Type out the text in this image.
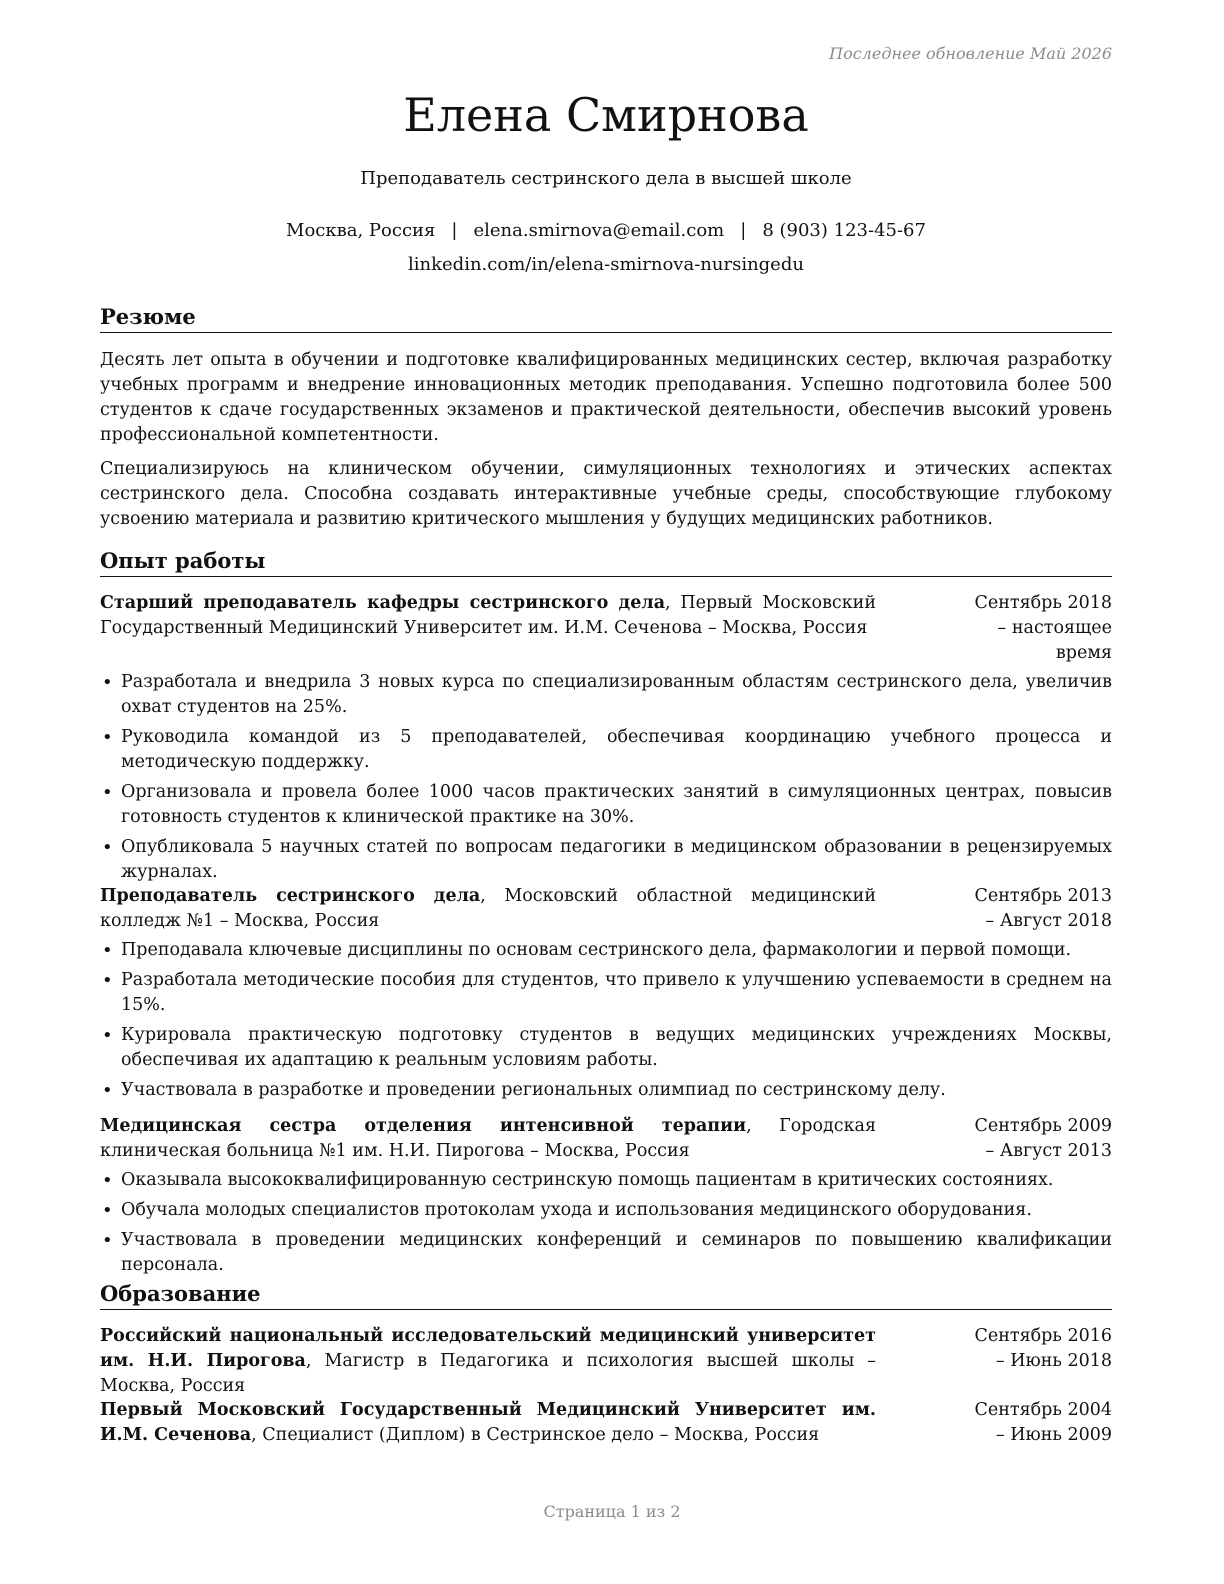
Последнее обновление Май 2026
Елена Смирнова
Преподаватель сестринского дела в высшей школе
Москва, Россия | elena.smirnova@email.com | 8 (903) 123-45-67
linkedin.com/in/elena-smirnova-nursingedu
Резюме
Десять лет опыта в обучении и подготовке квалифицированных медицинских сестер, включая разработку учебных программ и внедрение инновационных методик преподавания. Успешно подготовила более 500 студентов к сдаче государственных экзаменов и практической деятельности, обеспечив высокий уровень профессиональной компетентности.
Специализируюсь на клиническом обучении, симуляционных технологиях и этических аспектах сестринского дела. Способна создавать интерактивные учебные среды, способствующие глубокому усвоению материала и развитию критического мышления у будущих медицинских работников.
Опыт работы
Старший преподаватель кафедры сестринского дела, Первый Московский Государственный Медицинский Университет им. И.М. Сеченова – Москва, Россия
Сентябрь 2018 – настоящее время
• Разработала и внедрила 3 новых курса по специализированным областям сестринского дела, увеличив охват студентов на 25%.
• Руководила командой из 5 преподавателей, обеспечивая координацию учебного процесса и методическую поддержку.
• Организовала и провела более 1000 часов практических занятий в симуляционных центрах, повысив готовность студентов к клинической практике на 30%.
• Опубликовала 5 научных статей по вопросам педагогики в медицинском образовании в рецензируемых журналах.
Преподаватель сестринского дела, Московский областной медицинский колледж №1 – Москва, Россия
Сентябрь 2013 – Август 2018
• Преподавала ключевые дисциплины по основам сестринского дела, фармакологии и первой помощи.
• Разработала методические пособия для студентов, что привело к улучшению успеваемости в среднем на 15%.
• Курировала практическую подготовку студентов в ведущих медицинских учреждениях Москвы, обеспечивая их адаптацию к реальным условиям работы.
• Участвовала в разработке и проведении региональных олимпиад по сестринскому делу.
Медицинская сестра отделения интенсивной терапии, Городская клиническая больница №1 им. Н.И. Пирогова – Москва, Россия
Сентябрь 2009 – Август 2013
• Оказывала высококвалифицированную сестринскую помощь пациентам в критических состояниях.
• Обучала молодых специалистов протоколам ухода и использования медицинского оборудования.
• Участвовала в проведении медицинских конференций и семинаров по повышению квалификации персонала.
Образование
Российский национальный исследовательский медицинский университет им. Н.И. Пирогова, Магистр в Педагогика и психология высшей школы – Москва, Россия
Сентябрь 2016 – Июнь 2018
Первый Московский Государственный Медицинский Университет им. И.М. Сеченова, Специалист (Диплом) в Сестринское дело – Москва, Россия
Сентябрь 2004 – Июнь 2009
Страница 1 из 2
